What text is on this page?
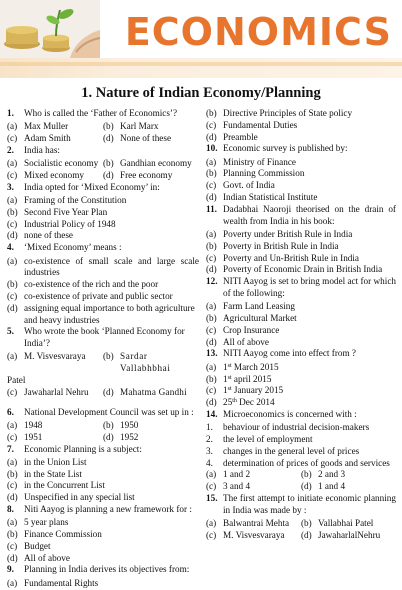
ECONOMICS
1. Nature of Indian Economy/Planning
1. Who is called the ‘Father of Economics’?
(a) Max Muller	(b) Karl Marx
(c) Adam Smith	(d) None of these
2. India has:
(a) Socialistic economy (b) Gandhian economy
(c) Mixed economy	(d) Free economy
3. India opted for ‘Mixed Economy’ in:
(a) Framing of the Constitution
(b) Second Five Year Plan
(c) Industrial Policy of 1948
(d) none of these
4. ‘Mixed Economy’ means :
(a) co-existence of small scale and large scale industries
(b) co-existence of the rich and the poor
(c) co-existence of private and public sector
(d) assigning equal importance to both agriculture and heavy industries
5. Who wrote the book ‘Planned Economy for India’?
(a) M. Visvesvaraya	(b) Sardar Vallabhbhai
Patel
(c) Jawaharlal Nehru	(d) Mahatma Gandhi
6. National Development Council was set up in :
(a) 1948	(b) 1950
(c) 1951	(d) 1952
7. Economic Planning is a subject:
(a) in the Union List
(b) in the State List
(c) in the Concurrent List
(d) Unspecified in any special list
8. Niti Aayog is planning a new framework for :
(a) 5 year plans
(b) Finance Commission
(c) Budget
(d) All of above
9. Planning in India derives its objectives from:
(a) Fundamental Rights
(b) Directive Principles of State policy
(c) Fundamental Duties
(d) Preamble
10. Economic survey is published by:
(a) Ministry of Finance
(b) Planning Commission
(c) Govt. of India
(d) Indian Statistical Institute
11. Dadabhai Naoroji theorised on the drain of wealth from India in his book:
(a) Poverty under British Rule in India
(b) Poverty in British Rule in India
(c) Poverty and Un-British Rule in India
(d) Poverty of Economic Drain in British India
12. NITI Aayog is set to bring model act for which of the following:
(a) Farm Land Leasing
(b) Agricultural Market
(c) Crop Insurance
(d) All of above
13. NITI Aayog come into effect from ?
(a) 1st March 2015
(b) 1st april 2015
(c) 1st January 2015
(d) 25th Dec 2014
14. Microeconomics is concerned with :
1. behaviour of industrial decision-makers
2. the level of employment
3. changes in the general level of prices
4. determination of prices of goods and services
(a) 1 and 2	(b) 2 and 3
(c) 3 and 4	(d) 1 and 4
15. The first attempt to initiate economic planning in India was made by :
(a) Balwantrai Mehta	(b) Vallabhai Patel
(c) M. Visvesvaraya	(d) JawaharlalNehru
